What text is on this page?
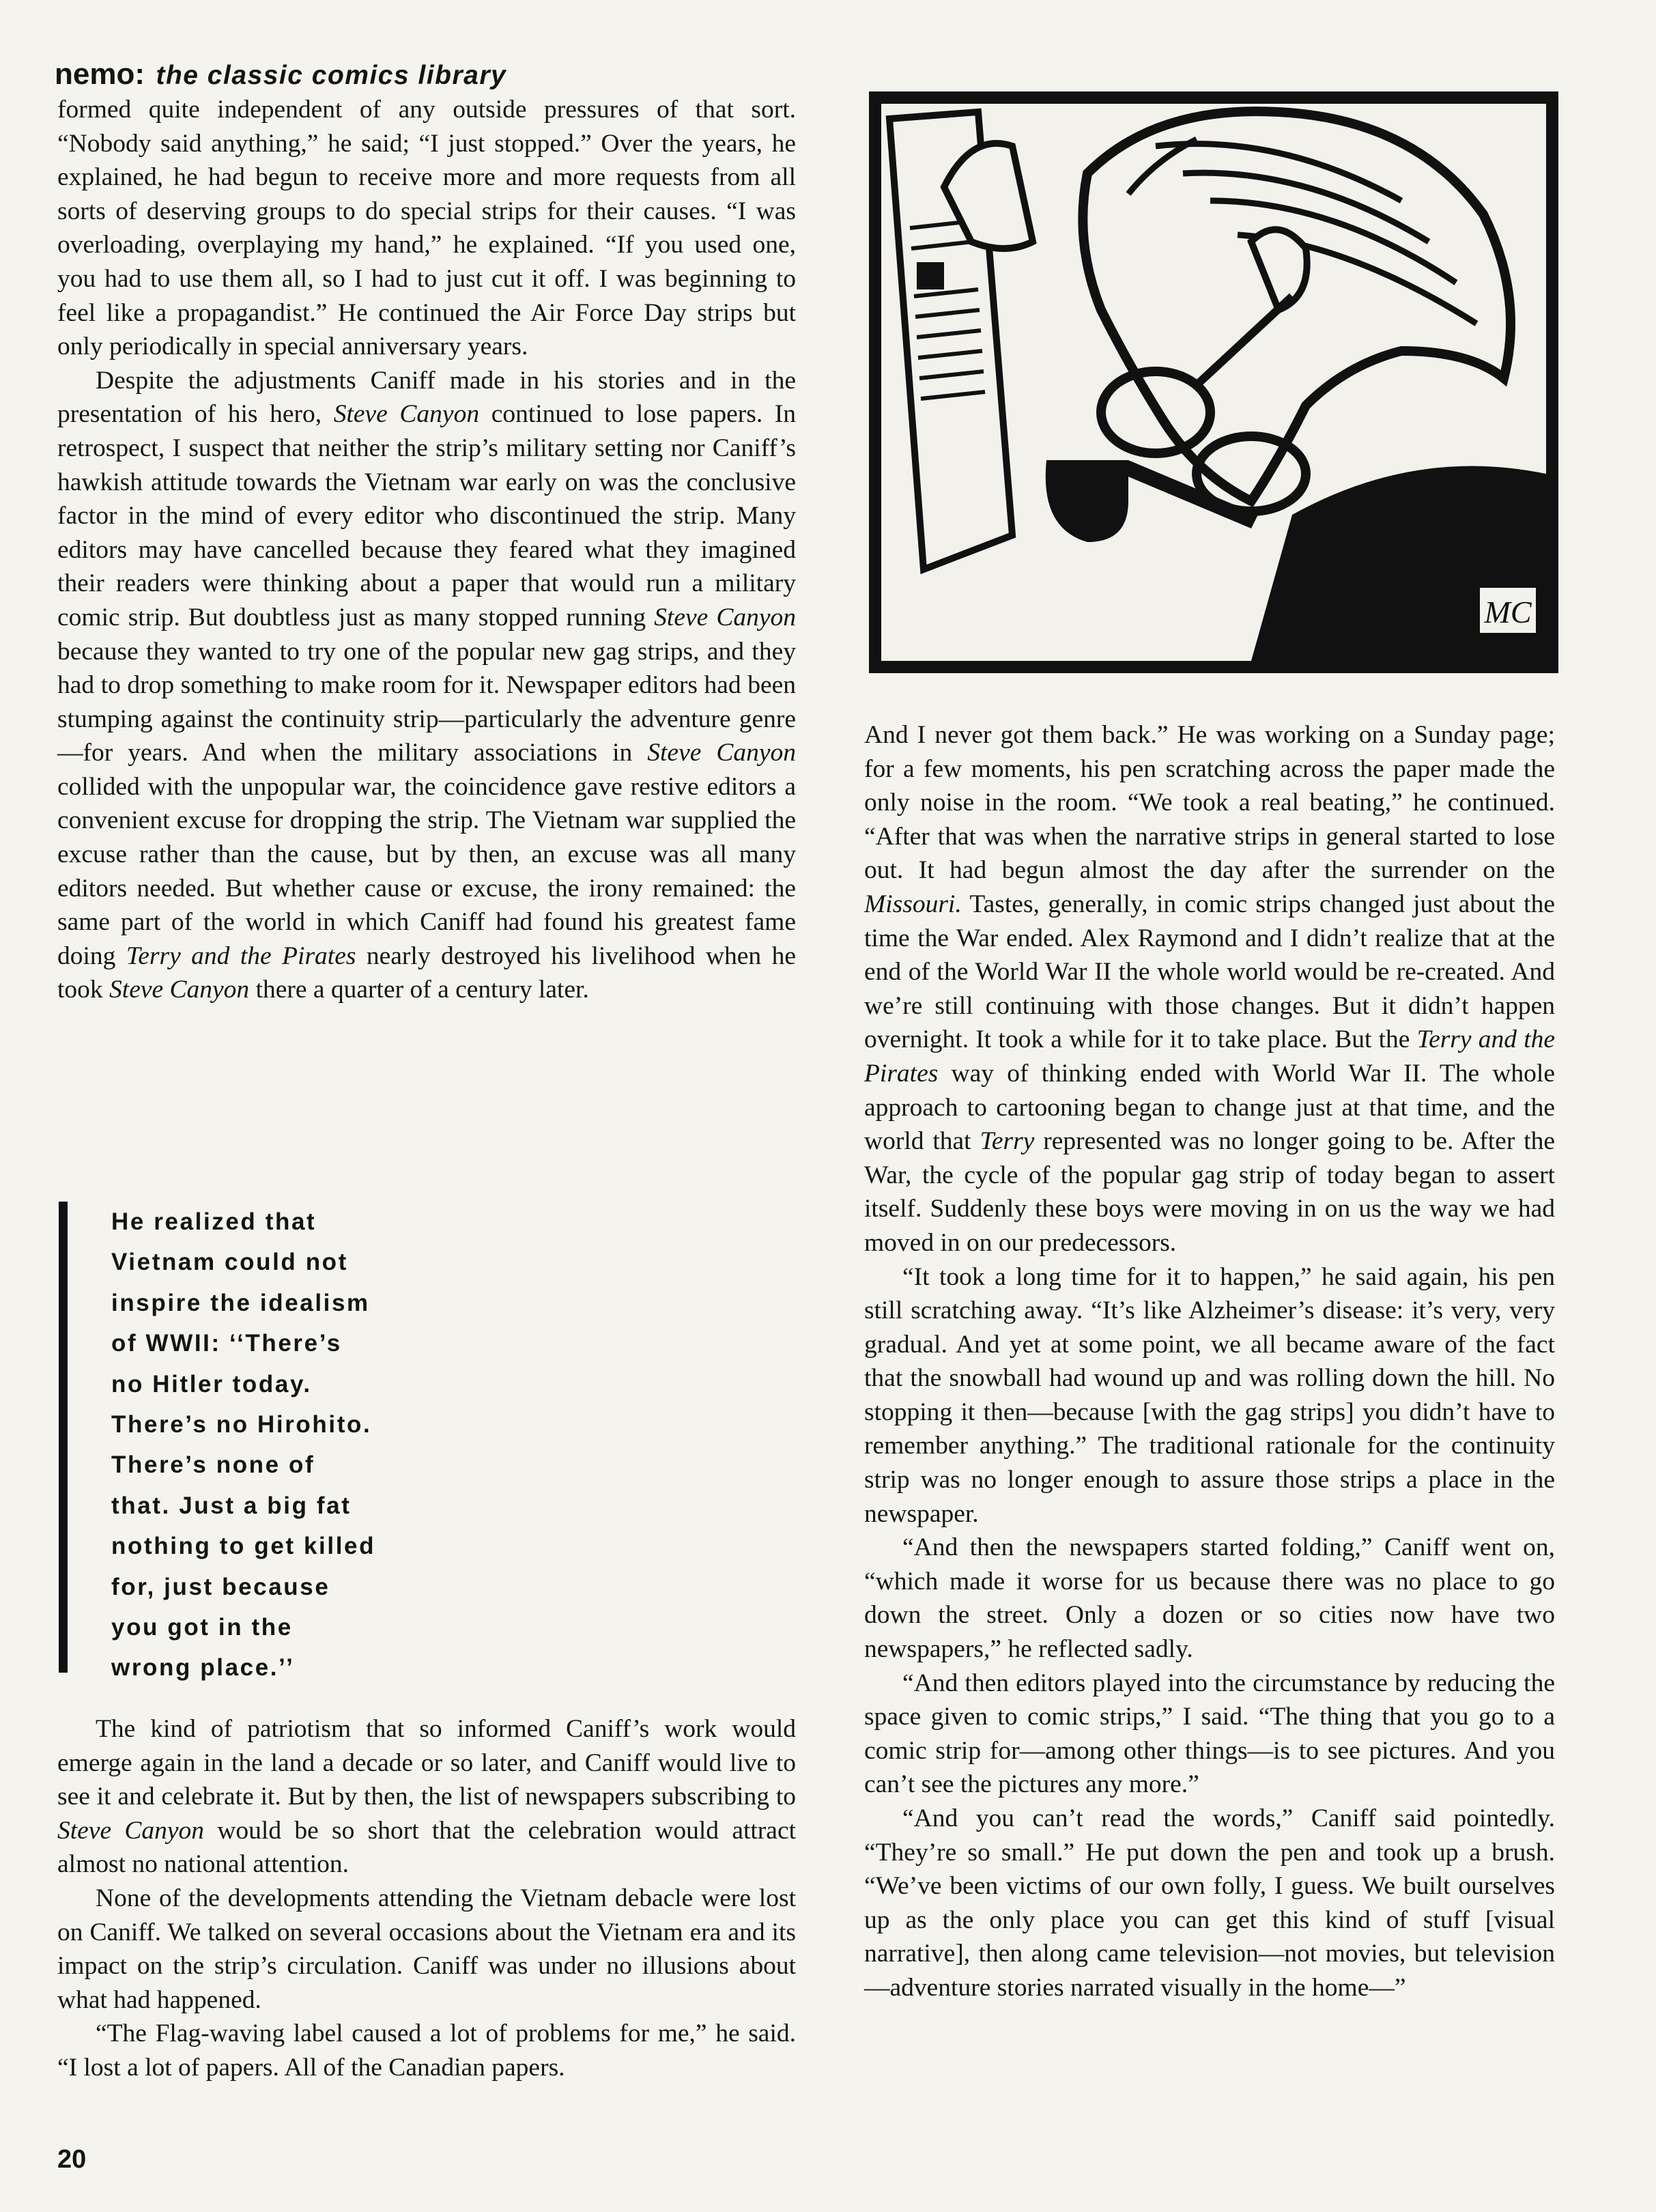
nemo: the classic comics library

formed quite independent of any outside pressures of that sort. “Nobody said anything,” he said; “I just stopped.” Over the years, he explained, he had begun to receive more and more requests from all sorts of deserving groups to do special strips for their causes. “I was overloading, overplaying my hand,” he explained. “If you used one, you had to use them all, so I had to just cut it off. I was beginning to feel like a propagandist.” He continued the Air Force Day strips but only periodically in special anniversary years.

Despite the adjustments Caniff made in his stories and in the presentation of his hero, Steve Canyon continued to lose papers. In retrospect, I suspect that neither the strip’s military setting nor Caniff’s hawkish attitude towards the Vietnam war early on was the conclusive factor in the mind of every editor who discontinued the strip. Many editors may have cancelled because they feared what they imagined their readers were thinking about a paper that would run a military comic strip. But doubtless just as many stopped running Steve Canyon because they wanted to try one of the popular new gag strips, and they had to drop something to make room for it. Newspaper editors had been stumping against the continuity strip—particularly the adventure genre—for years. And when the military associations in Steve Canyon collided with the unpopular war, the coincidence gave restive editors a convenient excuse for dropping the strip. The Vietnam war supplied the excuse rather than the cause, but by then, an excuse was all many editors needed. But whether cause or excuse, the irony remained: the same part of the world in which Caniff had found his greatest fame doing Terry and the Pirates nearly destroyed his livelihood when he took Steve Canyon there a quarter of a century later.

He realized that
Vietnam could not
inspire the idealism
of WWII: ‘‘There’s
no Hitler today.
There’s no Hirohito.
There’s none of
that. Just a big fat
nothing to get killed
for, just because
you got in the
wrong place.’’

The kind of patriotism that so informed Caniff’s work would emerge again in the land a decade or so later, and Caniff would live to see it and celebrate it. But by then, the list of newspapers subscribing to Steve Canyon would be so short that the celebration would attract almost no national attention.

None of the developments attending the Vietnam debacle were lost on Caniff. We talked on several occasions about the Vietnam era and its impact on the strip’s circulation. Caniff was under no illusions about what had happened.

“The Flag-waving label caused a lot of problems for me,” he said. “I lost a lot of papers. All of the Canadian papers.

MC

And I never got them back.” He was working on a Sunday page; for a few moments, his pen scratching across the paper made the only noise in the room. “We took a real beating,” he continued. “After that was when the narrative strips in general started to lose out. It had begun almost the day after the surrender on the Missouri. Tastes, generally, in comic strips changed just about the time the War ended. Alex Raymond and I didn’t realize that at the end of the World War II the whole world would be re-created. And we’re still continuing with those changes. But it didn’t happen overnight. It took a while for it to take place. But the Terry and the Pirates way of thinking ended with World War II. The whole approach to cartooning began to change just at that time, and the world that Terry represented was no longer going to be. After the War, the cycle of the popular gag strip of today began to assert itself. Suddenly these boys were moving in on us the way we had moved in on our predecessors.

“It took a long time for it to happen,” he said again, his pen still scratching away. “It’s like Alzheimer’s disease: it’s very, very gradual. And yet at some point, we all became aware of the fact that the snowball had wound up and was rolling down the hill. No stopping it then—because [with the gag strips] you didn’t have to remember anything.” The traditional rationale for the continuity strip was no longer enough to assure those strips a place in the newspaper.

“And then the newspapers started folding,” Caniff went on, “which made it worse for us because there was no place to go down the street. Only a dozen or so cities now have two newspapers,” he reflected sadly.

“And then editors played into the circumstance by reducing the space given to comic strips,” I said. “The thing that you go to a comic strip for—among other things—is to see pictures. And you can’t see the pictures any more.”

“And you can’t read the words,” Caniff said pointedly. “They’re so small.” He put down the pen and took up a brush. “We’ve been victims of our own folly, I guess. We built ourselves up as the only place you can get this kind of stuff [visual narrative], then along came television—not movies, but television—adventure stories narrated visually in the home—”

20
